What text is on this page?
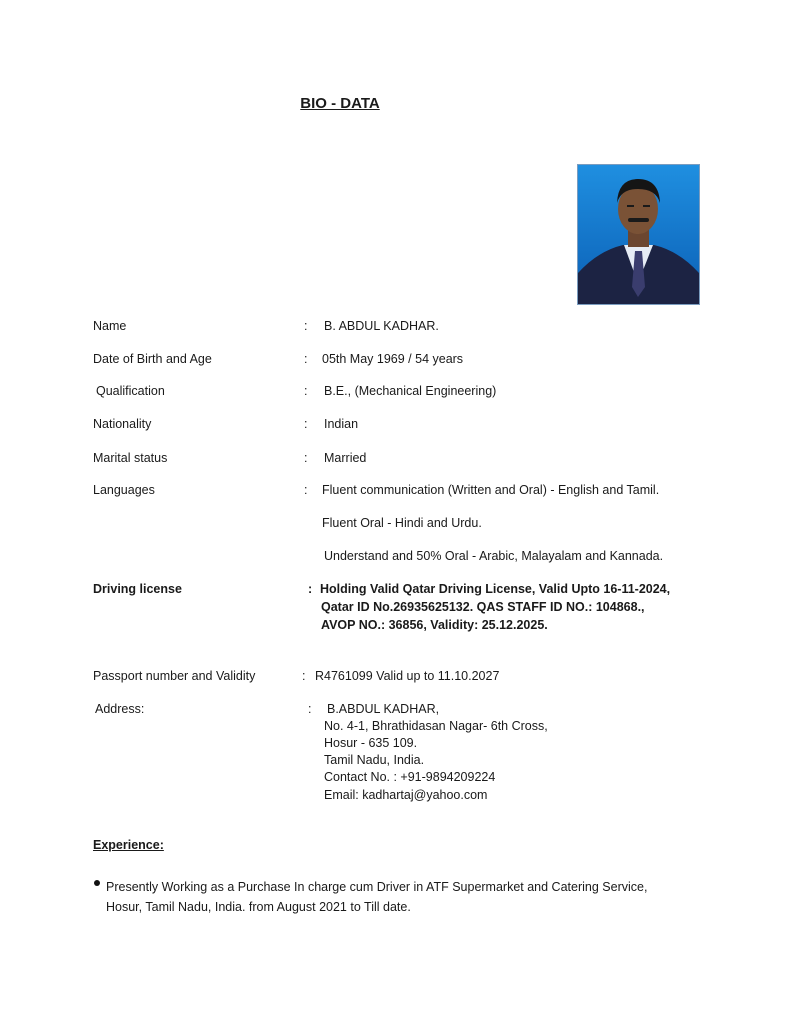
BIO - DATA
Name	: B. ABDUL KADHAR.
Date of Birth and Age	: 05th May 1969 / 54 years
Qualification	: B.E., (Mechanical Engineering)
Nationality	: Indian
Marital status	: Married
Languages	: Fluent communication (Written and Oral) - English and Tamil.
Fluent Oral - Hindi and Urdu.
Understand and 50% Oral - Arabic, Malayalam and Kannada.
Driving license	: Holding Valid Qatar Driving License, Valid Upto 16-11-2024,
Qatar ID No.26935625132. QAS STAFF ID NO.: 104868.,
AVOP NO.: 36856, Validity: 25.12.2025.
Passport number and Validity	: R4761099 Valid up to 11.10.2027
Address:	: B.ABDUL KADHAR,
No. 4-1, Bhrathidasan Nagar- 6th Cross,
Hosur - 635 109.
Tamil Nadu, India.
Contact No. : +91-9894209224
Email: kadhartaj@yahoo.com
Experience:
Presently Working as a Purchase In charge cum Driver in ATF Supermarket and Catering Service, Hosur, Tamil Nadu, India. from August 2021 to Till date.
